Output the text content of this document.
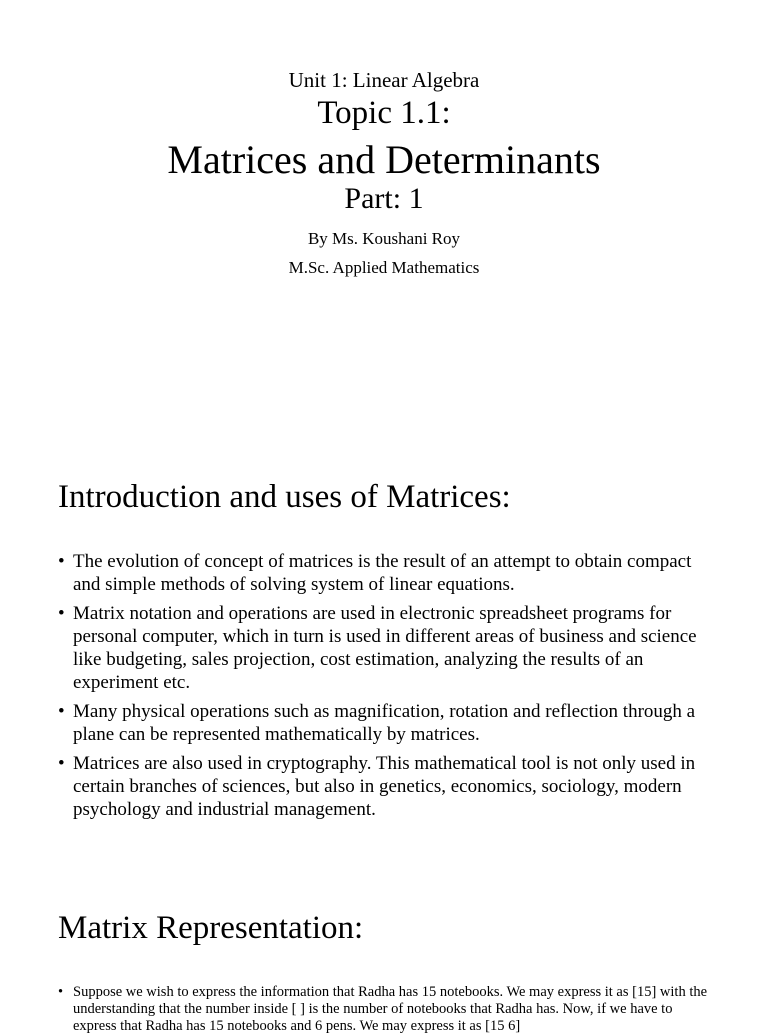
Unit 1: Linear Algebra
Topic 1.1:
Matrices and Determinants
Part: 1
By Ms. Koushani Roy
M.Sc. Applied Mathematics
Introduction and uses of Matrices:
• The evolution of concept of matrices is the result of an attempt to obtain compact and simple methods of solving system of linear equations.
• Matrix notation and operations are used in electronic spreadsheet programs for personal computer, which in turn is used in different areas of business and science like budgeting, sales projection, cost estimation, analyzing the results of an experiment etc.
• Many physical operations such as magnification, rotation and reflection through a plane can be represented mathematically by matrices.
• Matrices are also used in cryptography. This mathematical tool is not only used in certain branches of sciences, but also in genetics, economics, sociology, modern psychology and industrial management.
Matrix Representation:
• Suppose we wish to express the information that Radha has 15 notebooks. We may express it as [15] with the understanding that the number inside [ ] is the number of notebooks that Radha has. Now, if we have to express that Radha has 15 notebooks and 6 pens. We may express it as [15 6]
